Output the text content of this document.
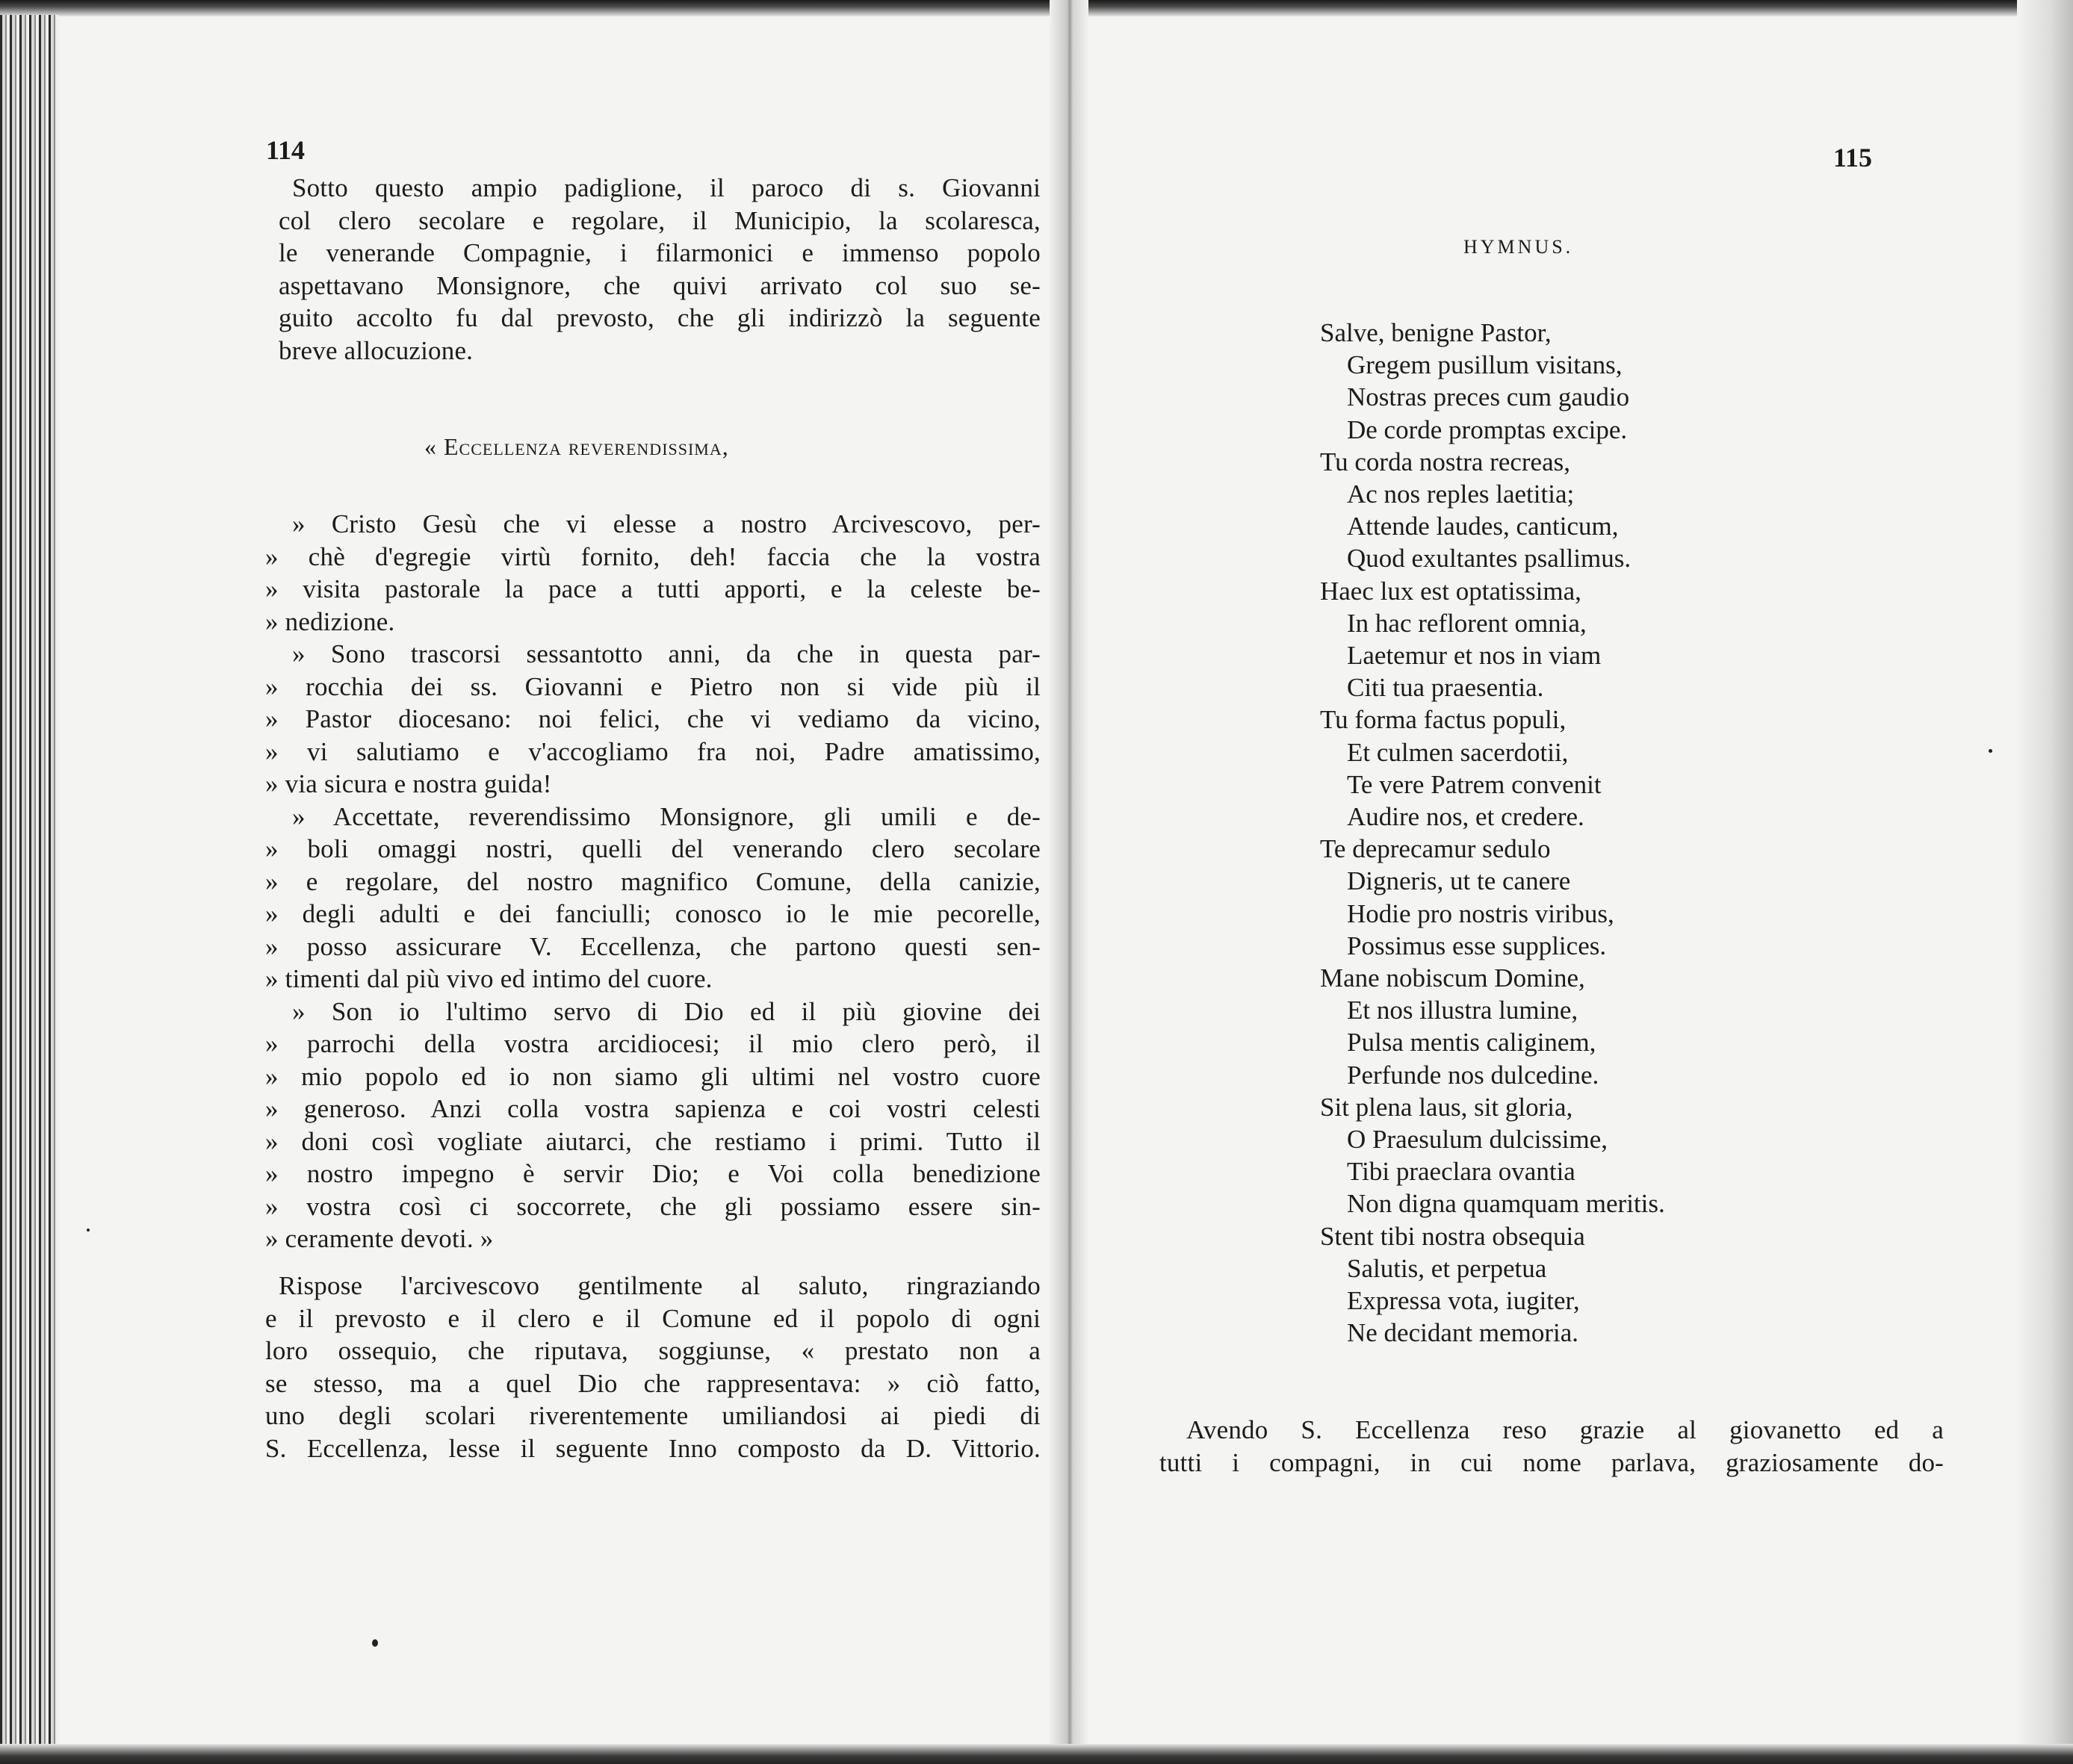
114
Sotto questo ampio padiglione, il paroco di s. Giovanni
col clero secolare e regolare, il Municipio, la scolaresca,
le venerande Compagnie, i filarmonici e immenso popolo
aspettavano Monsignore, che quivi arrivato col suo se-
guito accolto fu dal prevosto, che gli indirizzò la seguente
breve allocuzione.
« Eccellenza reverendissima,
» Cristo Gesù che vi elesse a nostro Arcivescovo, per-
» chè d'egregie virtù fornito, deh! faccia che la vostra
» visita pastorale la pace a tutti apporti, e la celeste be-
» nedizione.
» Sono trascorsi sessantotto anni, da che in questa par-
» rocchia dei ss. Giovanni e Pietro non si vide più il
» Pastor diocesano: noi felici, che vi vediamo da vicino,
» vi salutiamo e v'accogliamo fra noi, Padre amatissimo,
» via sicura e nostra guida!
» Accettate, reverendissimo Monsignore, gli umili e de-
» boli omaggi nostri, quelli del venerando clero secolare
» e regolare, del nostro magnifico Comune, della canizie,
» degli adulti e dei fanciulli; conosco io le mie pecorelle,
» posso assicurare V. Eccellenza, che partono questi sen-
» timenti dal più vivo ed intimo del cuore.
» Son io l'ultimo servo di Dio ed il più giovine dei
» parrochi della vostra arcidiocesi; il mio clero però, il
» mio popolo ed io non siamo gli ultimi nel vostro cuore
» generoso. Anzi colla vostra sapienza e coi vostri celesti
» doni così vogliate aiutarci, che restiamo i primi. Tutto il
» nostro impegno è servir Dio; e Voi colla benedizione
» vostra così ci soccorrete, che gli possiamo essere sin-
» ceramente devoti. »
Rispose l'arcivescovo gentilmente al saluto, ringraziando
e il prevosto e il clero e il Comune ed il popolo di ogni
loro ossequio, che riputava, soggiunse, « prestato non a
se stesso, ma a quel Dio che rappresentava: » ciò fatto,
uno degli scolari riverentemente umiliandosi ai piedi di
S. Eccellenza, lesse il seguente Inno composto da D. Vittorio.
115
HYMNUS.
Salve, benigne Pastor,
Gregem pusillum visitans,
Nostras preces cum gaudio
De corde promptas excipe.
Tu corda nostra recreas,
Ac nos reples laetitia;
Attende laudes, canticum,
Quod exultantes psallimus.
Haec lux est optatissima,
In hac reflorent omnia,
Laetemur et nos in viam
Citi tua praesentia.
Tu forma factus populi,
Et culmen sacerdotii,
Te vere Patrem convenit
Audire nos, et credere.
Te deprecamur sedulo
Digneris, ut te canere
Hodie pro nostris viribus,
Possimus esse supplices.
Mane nobiscum Domine,
Et nos illustra lumine,
Pulsa mentis caliginem,
Perfunde nos dulcedine.
Sit plena laus, sit gloria,
O Praesulum dulcissime,
Tibi praeclara ovantia
Non digna quamquam meritis.
Stent tibi nostra obsequia
Salutis, et perpetua
Expressa vota, iugiter,
Ne decidant memoria.
Avendo S. Eccellenza reso grazie al giovanetto ed a
tutti i compagni, in cui nome parlava, graziosamente do-
